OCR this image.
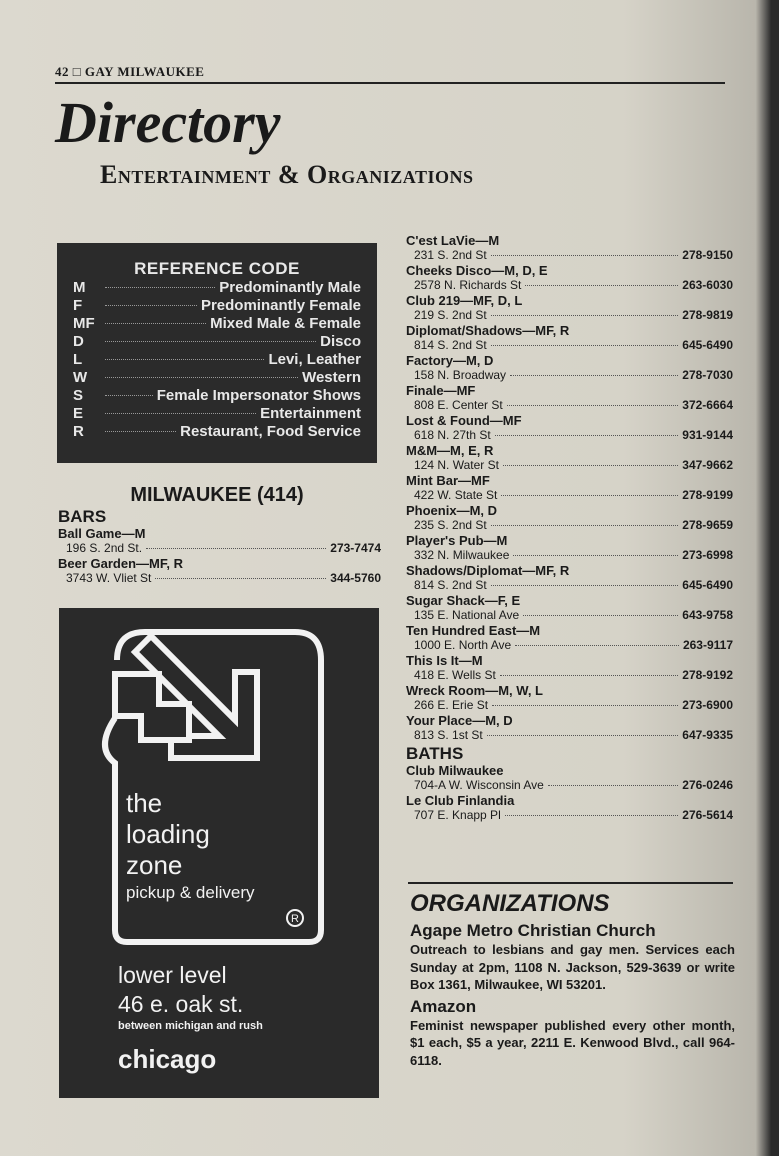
42 □ GAY MILWAUKEE
Directory
Entertainment & Organizations
REFERENCE CODE
M	Predominantly Male
F	Predominantly Female
MF	Mixed Male & Female
D	Disco
L	Levi, Leather
W	Western
S	Female Impersonator Shows
E	Entertainment
R	Restaurant, Food Service
MILWAUKEE (414)
BARS
Ball Game—M
196 S. 2nd St.	273-7474
Beer Garden—MF, R
3743 W. Vliet St	344-5760
R
the
loading
zone
pickup & delivery
lower level
46 e. oak st.
between michigan and rush
chicago
C'est LaVie—M
231 S. 2nd St	278-9150
Cheeks Disco—M, D, E
2578 N. Richards St	263-6030
Club 219—MF, D, L
219 S. 2nd St	278-9819
Diplomat/Shadows—MF, R
814 S. 2nd St	645-6490
Factory—M, D
158 N. Broadway	278-7030
Finale—MF
808 E. Center St	372-6664
Lost & Found—MF
618 N. 27th St	931-9144
M&M—M, E, R
124 N. Water St	347-9662
Mint Bar—MF
422 W. State St	278-9199
Phoenix—M, D
235 S. 2nd St	278-9659
Player's Pub—M
332 N. Milwaukee	273-6998
Shadows/Diplomat—MF, R
814 S. 2nd St	645-6490
Sugar Shack—F, E
135 E. National Ave	643-9758
Ten Hundred East—M
1000 E. North Ave	263-9117
This Is It—M
418 E. Wells St	278-9192
Wreck Room—M, W, L
266 E. Erie St	273-6900
Your Place—M, D
813 S. 1st St	647-9335
BATHS
Club Milwaukee
704-A W. Wisconsin Ave	276-0246
Le Club Finlandia
707 E. Knapp Pl	276-5614
ORGANIZATIONS
Agape Metro Christian Church
Outreach to lesbians and gay men. Services each Sunday at 2pm, 1108 N. Jackson, 529-3639 or write Box 1361, Milwaukee, WI 53201.
Amazon
Feminist newspaper published every other month, $1 each, $5 a year, 2211 E. Kenwood Blvd., call 964-6118.
